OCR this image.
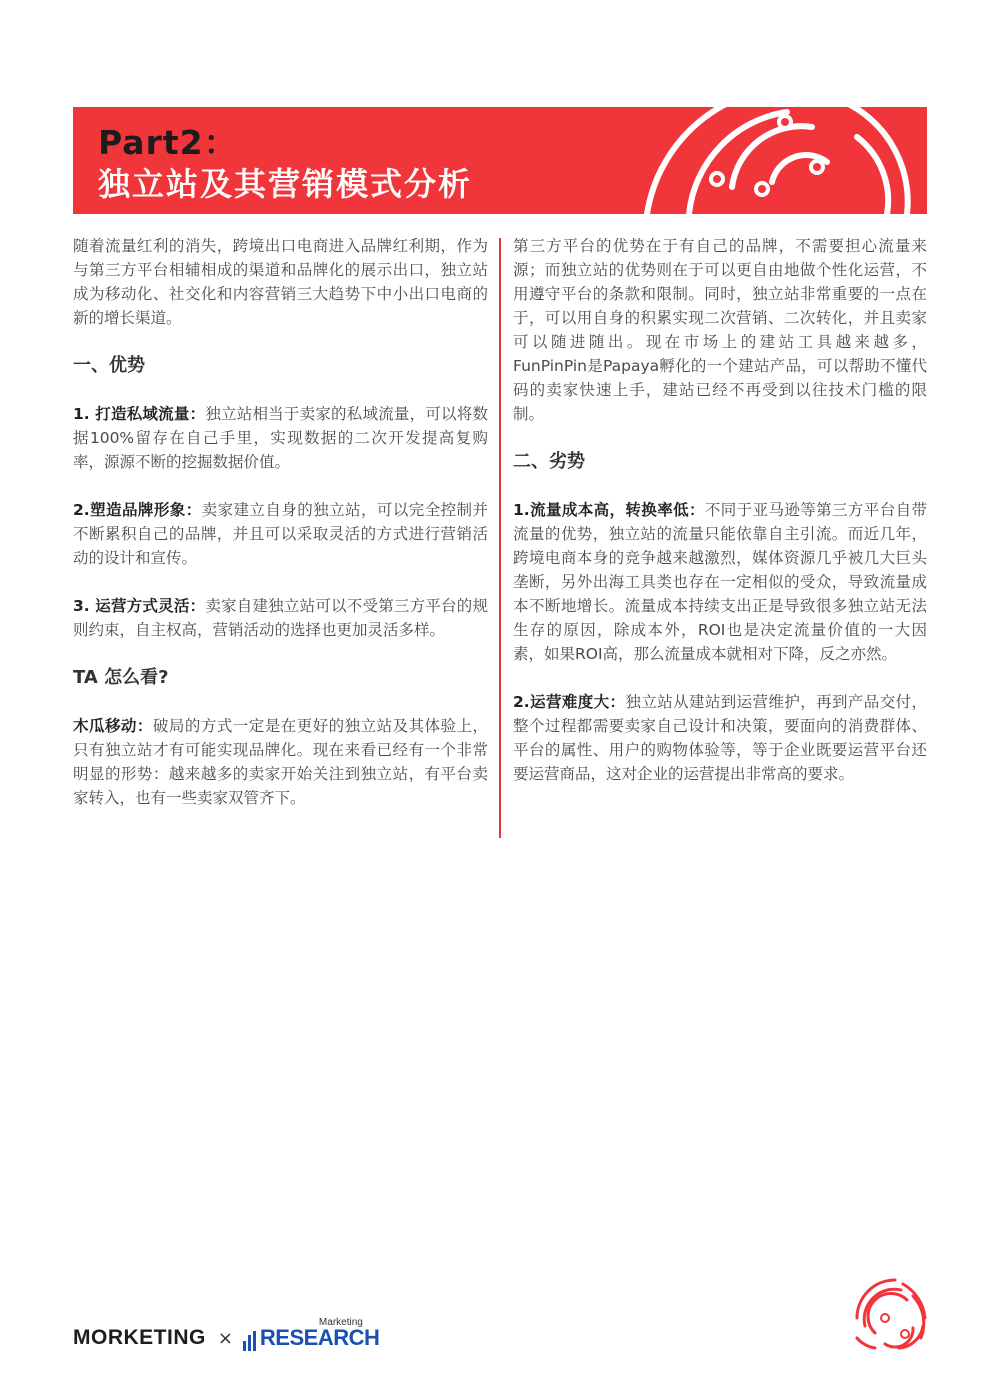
Part2：
独立站及其营销模式分析

随着流量红利的消失，跨境出口电商进入品牌红利期，作为与第三方平台相辅相成的渠道和品牌化的展示出口，独立站成为移动化、社交化和内容营销三大趋势下中小出口电商的新的增长渠道。

一、优势

1. 打造私域流量：独立站相当于卖家的私域流量，可以将数据100%留存在自己手里，实现数据的二次开发提高复购率，源源不断的挖掘数据价值。

2.塑造品牌形象：卖家建立自身的独立站，可以完全控制并不断累积自己的品牌，并且可以采取灵活的方式进行营销活动的设计和宣传。

3. 运营方式灵活：卖家自建独立站可以不受第三方平台的规则约束，自主权高，营销活动的选择也更加灵活多样。

TA 怎么看?

木瓜移动：破局的方式一定是在更好的独立站及其体验上，只有独立站才有可能实现品牌化。现在来看已经有一个非常明显的形势：越来越多的卖家开始关注到独立站，有平台卖家转入，也有一些卖家双管齐下。

第三方平台的优势在于有自己的品牌，不需要担心流量来源；而独立站的优势则在于可以更自由地做个性化运营，不用遵守平台的条款和限制。同时，独立站非常重要的一点在于，可以用自身的积累实现二次营销、二次转化，并且卖家可以随进随出。现在市场上的建站工具越来越多，FunPinPin是Papaya孵化的一个建站产品，可以帮助不懂代码的卖家快速上手，建站已经不再受到以往技术门槛的限制。

二、劣势

1.流量成本高，转换率低：不同于亚马逊等第三方平台自带流量的优势，独立站的流量只能依靠自主引流。而近几年，跨境电商本身的竞争越来越激烈，媒体资源几乎被几大巨头垄断，另外出海工具类也存在一定相似的受众，导致流量成本不断地增长。流量成本持续支出正是导致很多独立站无法生存的原因，除成本外，ROI也是决定流量价值的一大因素，如果ROI高，那么流量成本就相对下降，反之亦然。

2.运营难度大：独立站从建站到运营维护，再到产品交付，整个过程都需要卖家自己设计和决策，要面向的消费群体、平台的属性、用户的购物体验等，等于企业既要运营平台还要运营商品，这对企业的运营提出非常高的要求。

MORKETING ×
Marketing
RESEARCH
